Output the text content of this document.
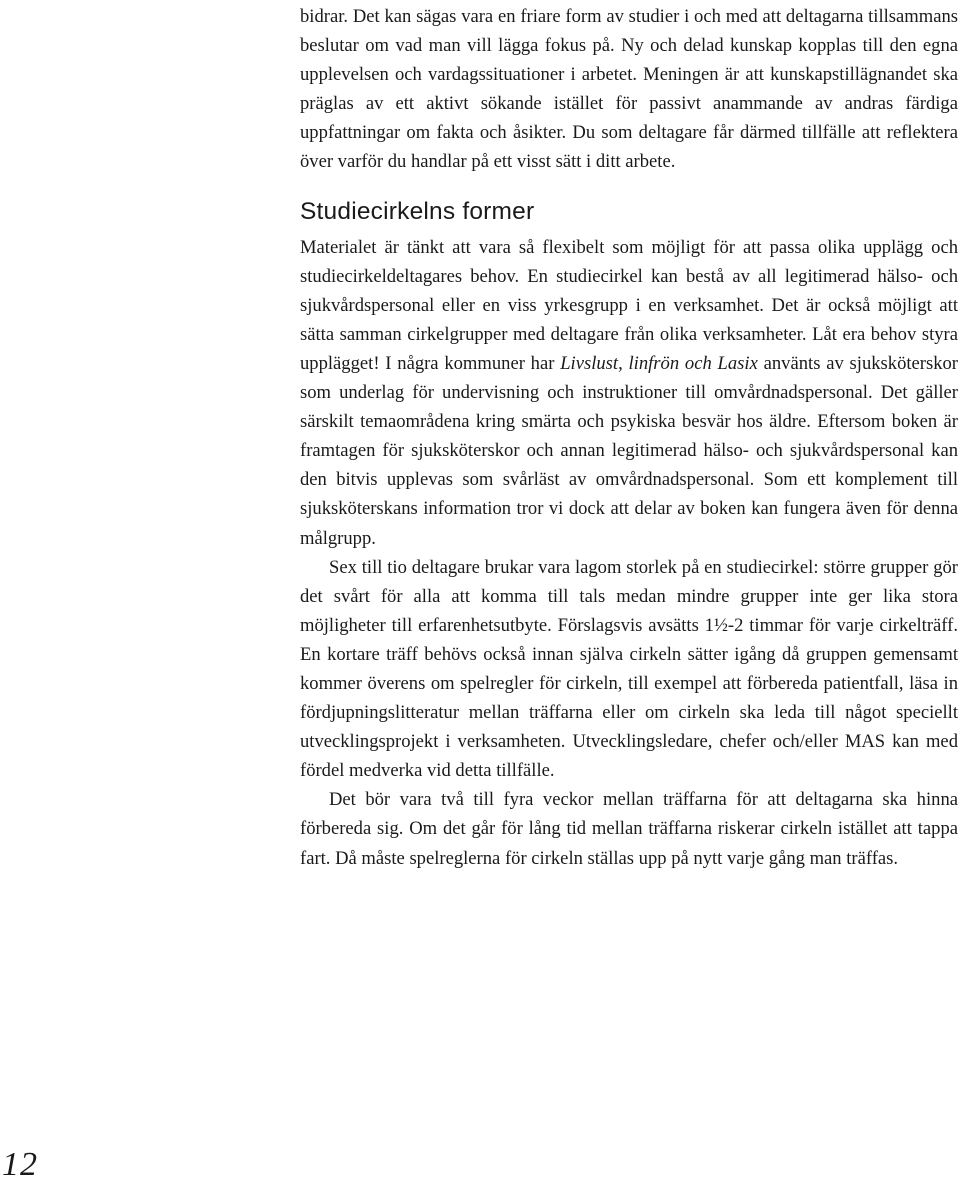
bidrar. Det kan sägas vara en friare form av studier i och med att deltagarna tillsammans beslutar om vad man vill lägga fokus på. Ny och delad kunskap kopplas till den egna upplevelsen och vardagssituationer i arbetet. Meningen är att kunskapstillägnandet ska präglas av ett aktivt sökande istället för passivt anammande av andras färdiga uppfattningar om fakta och åsikter. Du som deltagare får därmed tillfälle att reflektera över varför du handlar på ett visst sätt i ditt arbete.

Studiecirkelns former

Materialet är tänkt att vara så flexibelt som möjligt för att passa olika upplägg och studiecirkeldeltagares behov. En studiecirkel kan bestå av all legitimerad hälso- och sjukvårdspersonal eller en viss yrkesgrupp i en verksamhet. Det är också möjligt att sätta samman cirkelgrupper med deltagare från olika verksamheter. Låt era behov styra upplägget! I några kommuner har Livslust, linfrön och Lasix använts av sjuksköterskor som underlag för undervisning och instruktioner till omvårdnadspersonal. Det gäller särskilt temaområdena kring smärta och psykiska besvär hos äldre. Eftersom boken är framtagen för sjuksköterskor och annan legitimerad hälso- och sjukvårdspersonal kan den bitvis upplevas som svårläst av omvårdnadspersonal. Som ett komplement till sjuksköterskans information tror vi dock att delar av boken kan fungera även för denna målgrupp.

Sex till tio deltagare brukar vara lagom storlek på en studiecirkel: större grupper gör det svårt för alla att komma till tals medan mindre grupper inte ger lika stora möjligheter till erfarenhetsutbyte. Förslagsvis avsätts 1½-2 timmar för varje cirkelträff. En kortare träff behövs också innan själva cirkeln sätter igång då gruppen gemensamt kommer överens om spelregler för cirkeln, till exempel att förbereda patientfall, läsa in fördjupningslitteratur mellan träffarna eller om cirkeln ska leda till något speciellt utvecklingsprojekt i verksamheten. Utvecklingsledare, chefer och/eller MAS kan med fördel medverka vid detta tillfälle.

Det bör vara två till fyra veckor mellan träffarna för att deltagarna ska hinna förbereda sig. Om det går för lång tid mellan träffarna riskerar cirkeln istället att tappa fart. Då måste spelreglerna för cirkeln ställas upp på nytt varje gång man träffas.

12
